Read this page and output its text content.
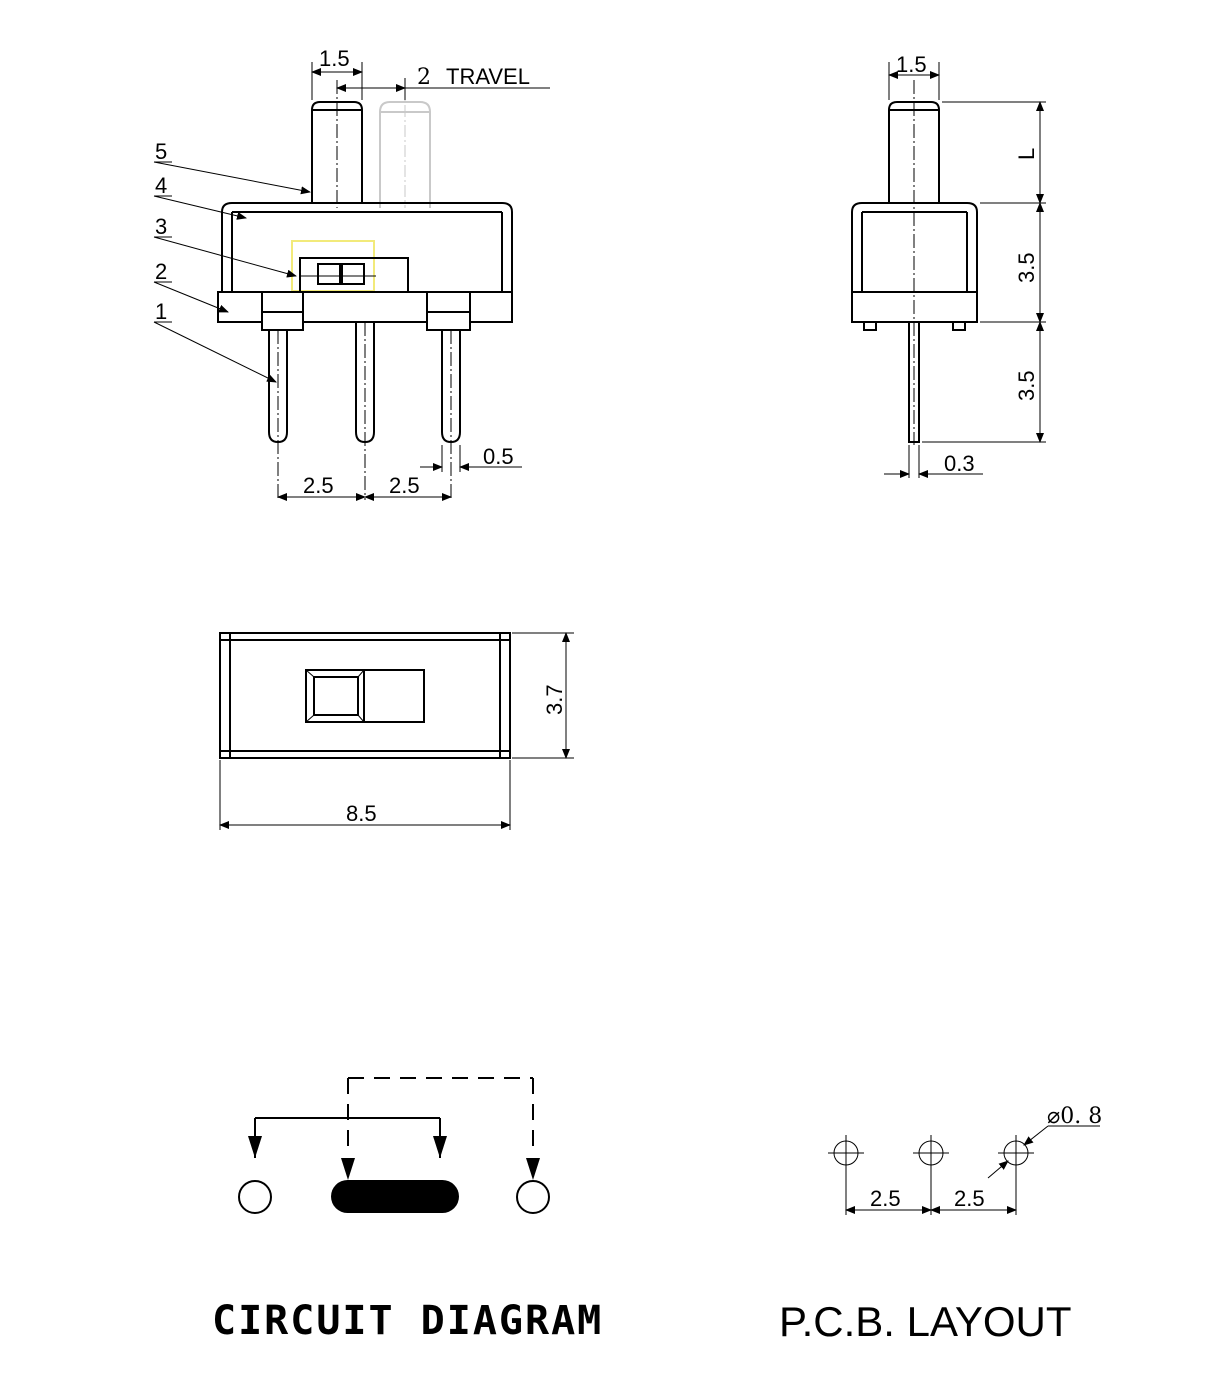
5
4
3
2
1
1.5
2 TRAVEL
2.5	2.5
0.5
1.5
L
3.5
3.5
0.3
3.7
8.5
CIRCUIT DIAGRAM
⌀0. 8
2.5 2.5
P.C.B. LAYOUT
